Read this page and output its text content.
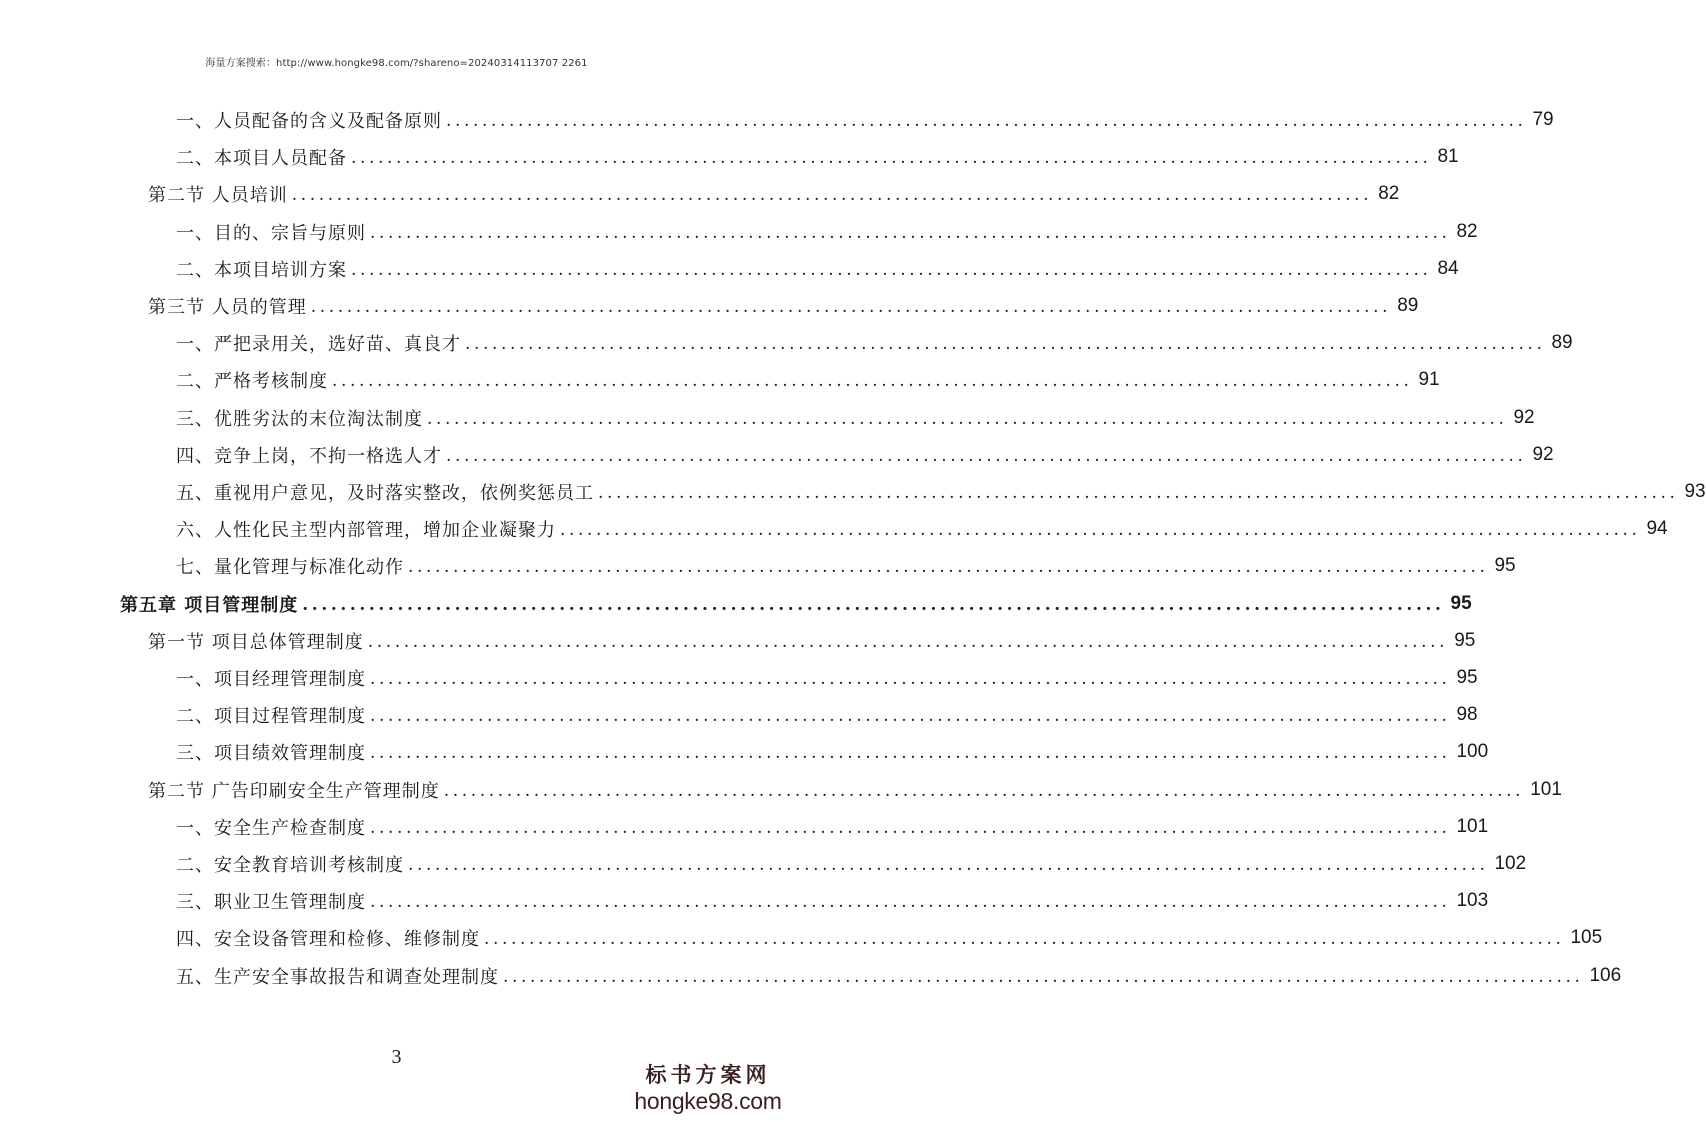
海量方案搜索：http://www.hongke98.com/?shareno=20240314113707 2261
一、人员配备的含义及配备原则 ........................................................................................................................ 79
二、本项目人员配备 ........................................................................................................................ 81
第二节 人员培训 ........................................................................................................................ 82
一、目的、宗旨与原则 ........................................................................................................................ 82
二、本项目培训方案 ........................................................................................................................ 84
第三节 人员的管理 ........................................................................................................................ 89
一、严把录用关，选好苗、真良才 ........................................................................................................................ 89
二、严格考核制度 ........................................................................................................................ 91
三、优胜劣汰的末位淘汰制度 ........................................................................................................................ 92
四、竞争上岗，不拘一格选人才 ........................................................................................................................ 92
五、重视用户意见，及时落实整改，依例奖惩员工 ........................................................................................................................ 93
六、人性化民主型内部管理，增加企业凝聚力 ........................................................................................................................ 94
七、量化管理与标准化动作 ........................................................................................................................ 95
第五章 项目管理制度 ........................................................................................................................ 95
第一节 项目总体管理制度 ........................................................................................................................ 95
一、项目经理管理制度 ........................................................................................................................ 95
二、项目过程管理制度 ........................................................................................................................ 98
三、项目绩效管理制度 ........................................................................................................................ 100
第二节 广告印刷安全生产管理制度 ........................................................................................................................ 101
一、安全生产检查制度 ........................................................................................................................ 101
二、安全教育培训考核制度 ........................................................................................................................ 102
三、职业卫生管理制度 ........................................................................................................................ 103
四、安全设备管理和检修、维修制度 ........................................................................................................................ 105
五、生产安全事故报告和调查处理制度 ........................................................................................................................ 106
3
标书方案网
hongke98.com
